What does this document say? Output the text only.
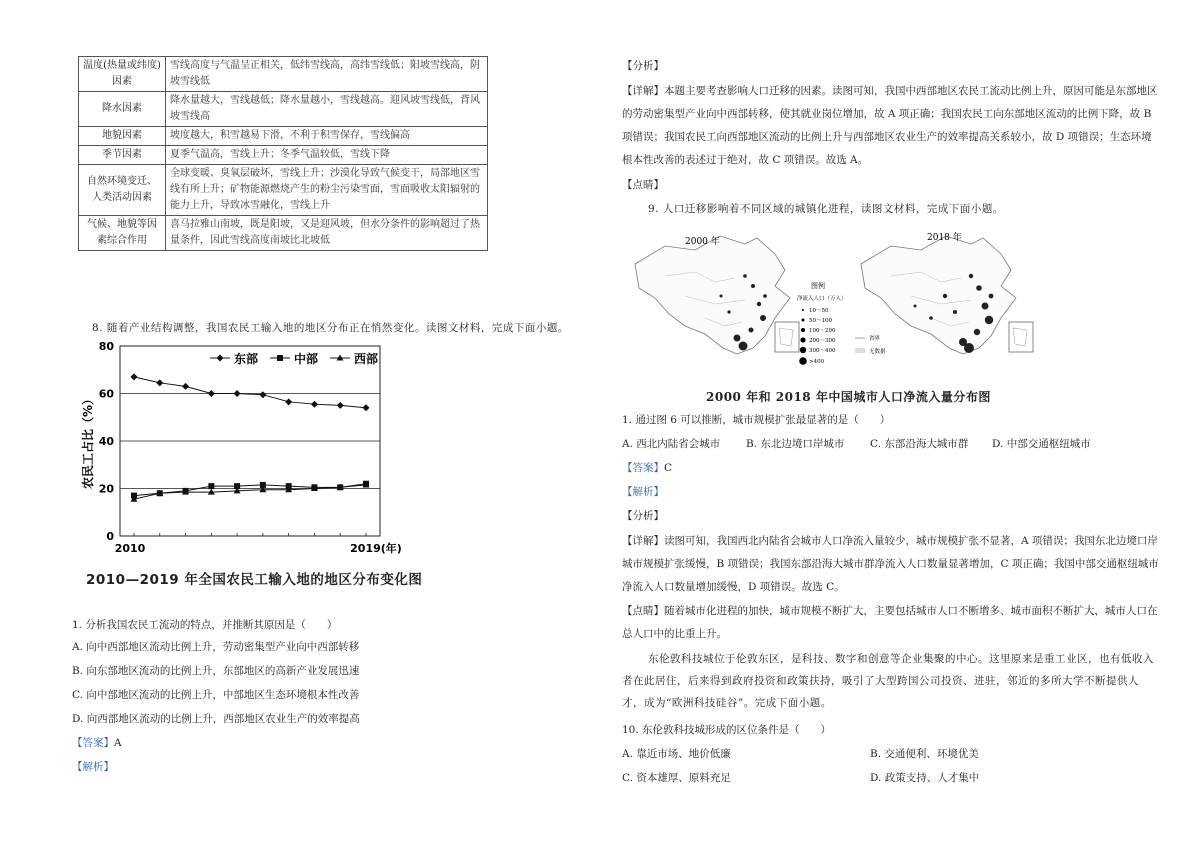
温度(热量或纬度)因素	雪线高度与气温呈正相关，低纬雪线高，高纬雪线低；阳坡雪线高，阴坡雪线低
降水因素	降水量越大，雪线越低；降水量越小，雪线越高。迎风坡雪线低，背风坡雪线高
地貌因素	坡度越大，积雪越易下滑，不利于积雪保存，雪线偏高
季节因素	夏季气温高，雪线上升；冬季气温较低，雪线下降
自然环境变迁、人类活动因素	全球变暖、臭氧层破坏，雪线上升；沙漠化导致气候变干，局部地区雪线有所上升；矿物能源燃烧产生的粉尘污染雪面，雪面吸收太阳辐射的能力上升，导致冰雪融化，雪线上升
气候、地貌等因素综合作用	喜马拉雅山南坡，既是阳坡，又是迎风坡，但水分条件的影响超过了热量条件，因此雪线高度南坡比北坡低
8. 随着产业结构调整，我国农民工输入地的地区分布正在悄然变化。读图文材料，完成下面小题。
0
20
40
60
80
2010	2019(年)
东部	中部	西部
农民工占比（%）
2010—2019 年全国农民工输入地的地区分布变化图
1. 分析我国农民工流动的特点，并推断其原因是（　　）
A. 向中西部地区流动比例上升，劳动密集型产业向中西部转移
B. 向东部地区流动的比例上升，东部地区的高新产业发展迅速
C. 向中部地区流动的比例上升，中部地区生态环境根本性改善
D. 向西部地区流动的比例上升，西部地区农业生产的效率提高
【答案】A
【解析】
【分析】
【详解】本题主要考查影响人口迁移的因素。读图可知，我国中西部地区农民工流动比例上升，原因可能是东部地区的劳动密集型产业向中西部转移，使其就业岗位增加，故 A 项正确；我国农民工向东部地区流动的比例下降，故 B 项错误；我国农民工向西部地区流动的比例上升与西部地区农业生产的效率提高关系较小，故 D 项错误；生态环境根本性改善的表述过于绝对，故 C 项错误。故选 A。
【点睛】
9. 人口迁移影响着不同区域的城镇化进程，读图文材料，完成下面小题。
2000 年
图例
净流入人口（万人）
10～50
50～100
100～200
200～300
300～400
>400
省界
无数据
2018 年
2000 年和 2018 年中国城市人口净流入量分布图
1. 通过图 6 可以推断，城市规模扩张最显著的是（　　）
A. 西北内陆省会城市 B. 东北边境口岸城市 C. 东部沿海大城市群 D. 中部交通枢纽城市
【答案】C
【解析】
【分析】
【详解】读图可知，我国西北内陆省会城市人口净流入量较少，城市规模扩张不显著，A 项错误；我国东北边境口岸城市规模扩张缓慢，B 项错误；我国东部沿海大城市群净流入人口数量显著增加，C 项正确；我国中部交通枢纽城市净流入人口数量增加缓慢，D 项错误。故选 C。
【点睛】随着城市化进程的加快，城市规模不断扩大，主要包括城市人口不断增多、城市面积不断扩大，城市人口在总人口中的比重上升。
东伦敦科技城位于伦敦东区，是科技、数字和创意等企业集聚的中心。这里原来是重工业区，也有低收入者在此居住，后来得到政府投资和政策扶持，吸引了大型跨国公司投资、进驻，邻近的多所大学不断提供人才，成为“欧洲科技硅谷”。完成下面小题。
10. 东伦敦科技城形成的区位条件是（　　）
A. 靠近市场、地价低廉	B. 交通便利、环境优美
C. 资本雄厚、原料充足	D. 政策支持、人才集中
